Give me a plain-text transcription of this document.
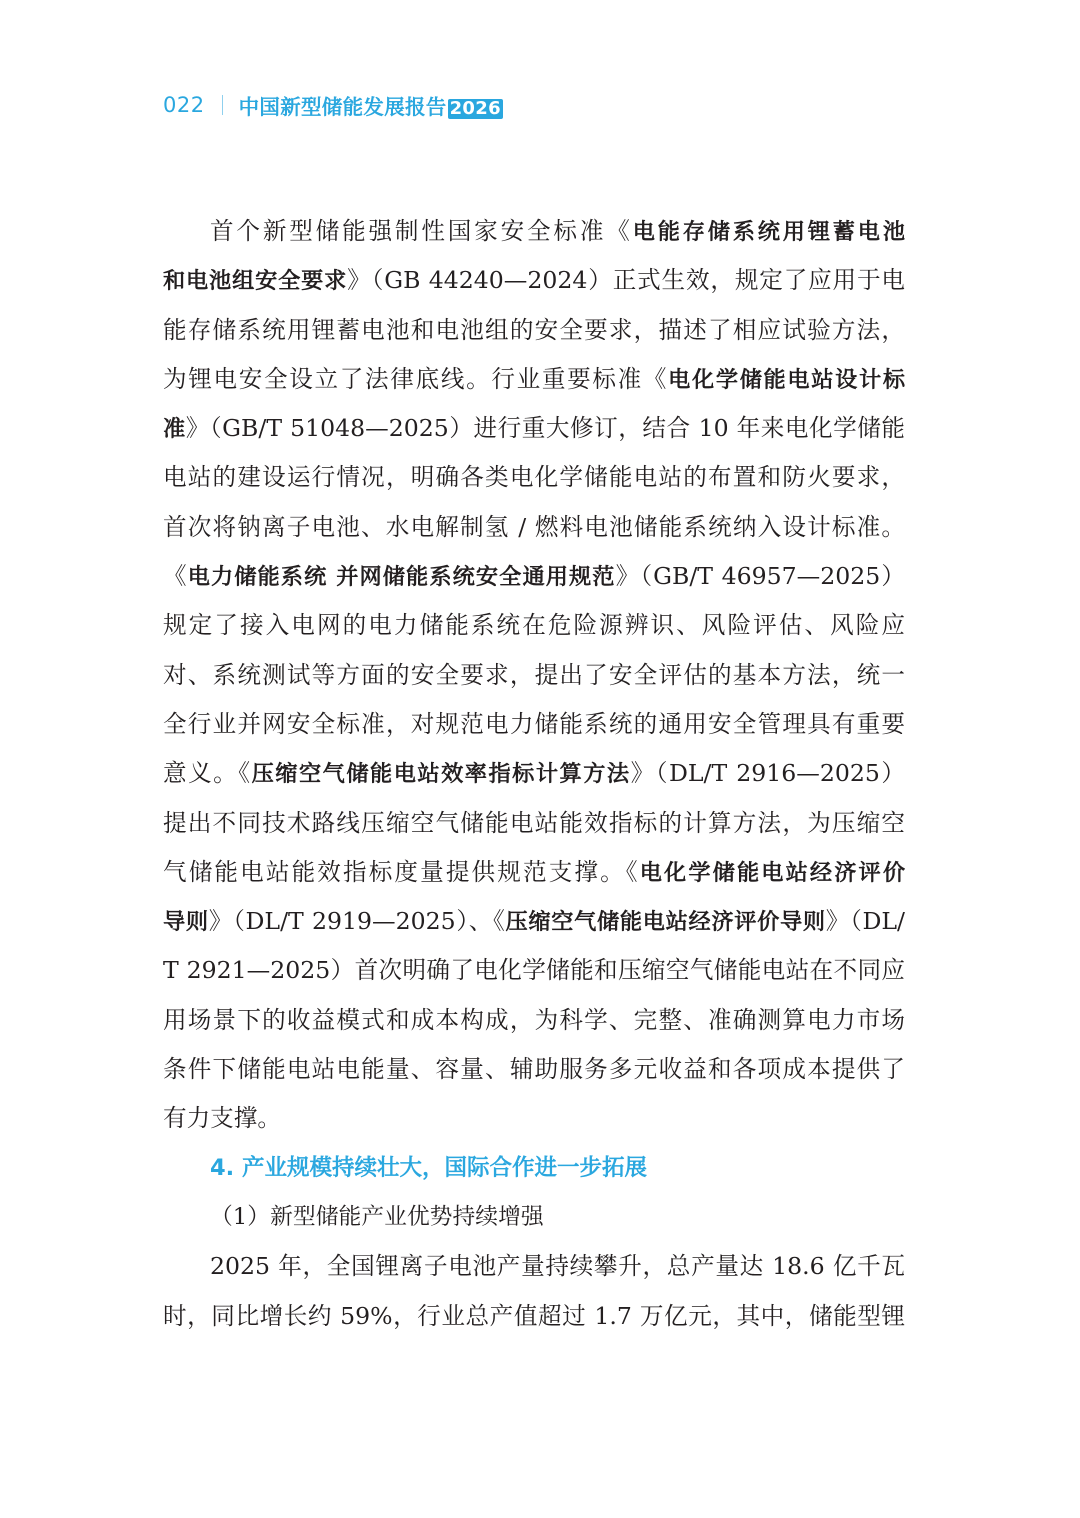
022 中国新型储能发展报告 2026
首个新型储能强制性国家安全标准《电能存储系统用锂蓄电池
和电池组安全要求》（GB 44240—2024）正式生效，规定了应用于电
能存储系统用锂蓄电池和电池组的安全要求，描述了相应试验方法，
为锂电安全设立了法律底线。行业重要标准《电化学储能电站设计标
准》（GB/T 51048—2025）进行重大修订，结合 10 年来电化学储能
电站的建设运行情况，明确各类电化学储能电站的布置和防火要求，
首次将钠离子电池、水电解制氢 / 燃料电池储能系统纳入设计标准。
《电力储能系统 并网储能系统安全通用规范》（GB/T 46957—2025）
规定了接入电网的电力储能系统在危险源辨识、风险评估、风险应
对、系统测试等方面的安全要求，提出了安全评估的基本方法，统一
全行业并网安全标准，对规范电力储能系统的通用安全管理具有重要
意义。《压缩空气储能电站效率指标计算方法》（DL/T 2916—2025）
提出不同技术路线压缩空气储能电站能效指标的计算方法，为压缩空
气储能电站能效指标度量提供规范支撑。《电化学储能电站经济评价
导则》（DL/T 2919—2025）、《压缩空气储能电站经济评价导则》（DL/
T 2921—2025）首次明确了电化学储能和压缩空气储能电站在不同应
用场景下的收益模式和成本构成，为科学、完整、准确测算电力市场
条件下储能电站电能量、容量、辅助服务多元收益和各项成本提供了
有力支撑。
4. 产业规模持续壮大，国际合作进一步拓展
（1）新型储能产业优势持续增强
2025 年，全国锂离子电池产量持续攀升，总产量达 18.6 亿千瓦
时，同比增长约 59%，行业总产值超过 1.7 万亿元，其中，储能型锂
